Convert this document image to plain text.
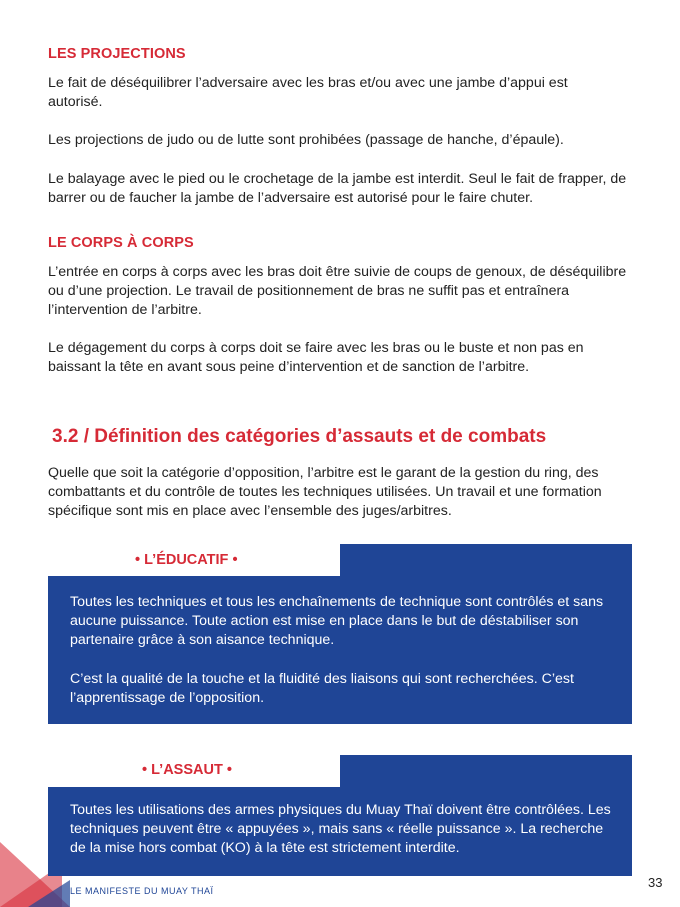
LES PROJECTIONS

Le fait de déséquilibrer l’adversaire avec les bras et/ou avec une jambe d’appui est autorisé.

Les projections de judo ou de lutte sont prohibées (passage de hanche, d’épaule).

Le balayage avec le pied ou le crochetage de la jambe est interdit. Seul le fait de frapper, de barrer ou de faucher la jambe de l’adversaire est autorisé pour le faire chuter.

LE CORPS À CORPS

L’entrée en corps à corps avec les bras doit être suivie de coups de genoux, de déséquilibre ou d’une projection. Le travail de positionnement de bras ne suffit pas et entraînera l’intervention de l’arbitre.

Le dégagement du corps à corps doit se faire avec les bras ou le buste et non pas en baissant la tête en avant sous peine d’intervention et de sanction de l’arbitre.

3.2 / Définition des catégories d’assauts et de combats

Quelle que soit la catégorie d’opposition, l’arbitre est le garant de la gestion du ring, des combattants et du contrôle de toutes les techniques utilisées. Un travail et une formation spécifique sont mis en place avec l’ensemble des juges/arbitres.

• L’ÉDUCATIF •

Toutes les techniques et tous les enchaînements de technique sont contrôlés et sans aucune puissance. Toute action est mise en place dans le but de déstabiliser son partenaire grâce à son aisance technique.

C’est la qualité de la touche et la fluidité des liaisons qui sont recherchées. C’est l’apprentissage de l’opposition.

• L’ASSAUT •

Toutes les utilisations des armes physiques du Muay Thaï doivent être contrôlées. Les techniques peuvent être « appuyées », mais sans « réelle puissance ». La recherche de la mise hors combat (KO) à la tête est strictement interdite.

LE MANIFESTE DU MUAY THAÏ
33
